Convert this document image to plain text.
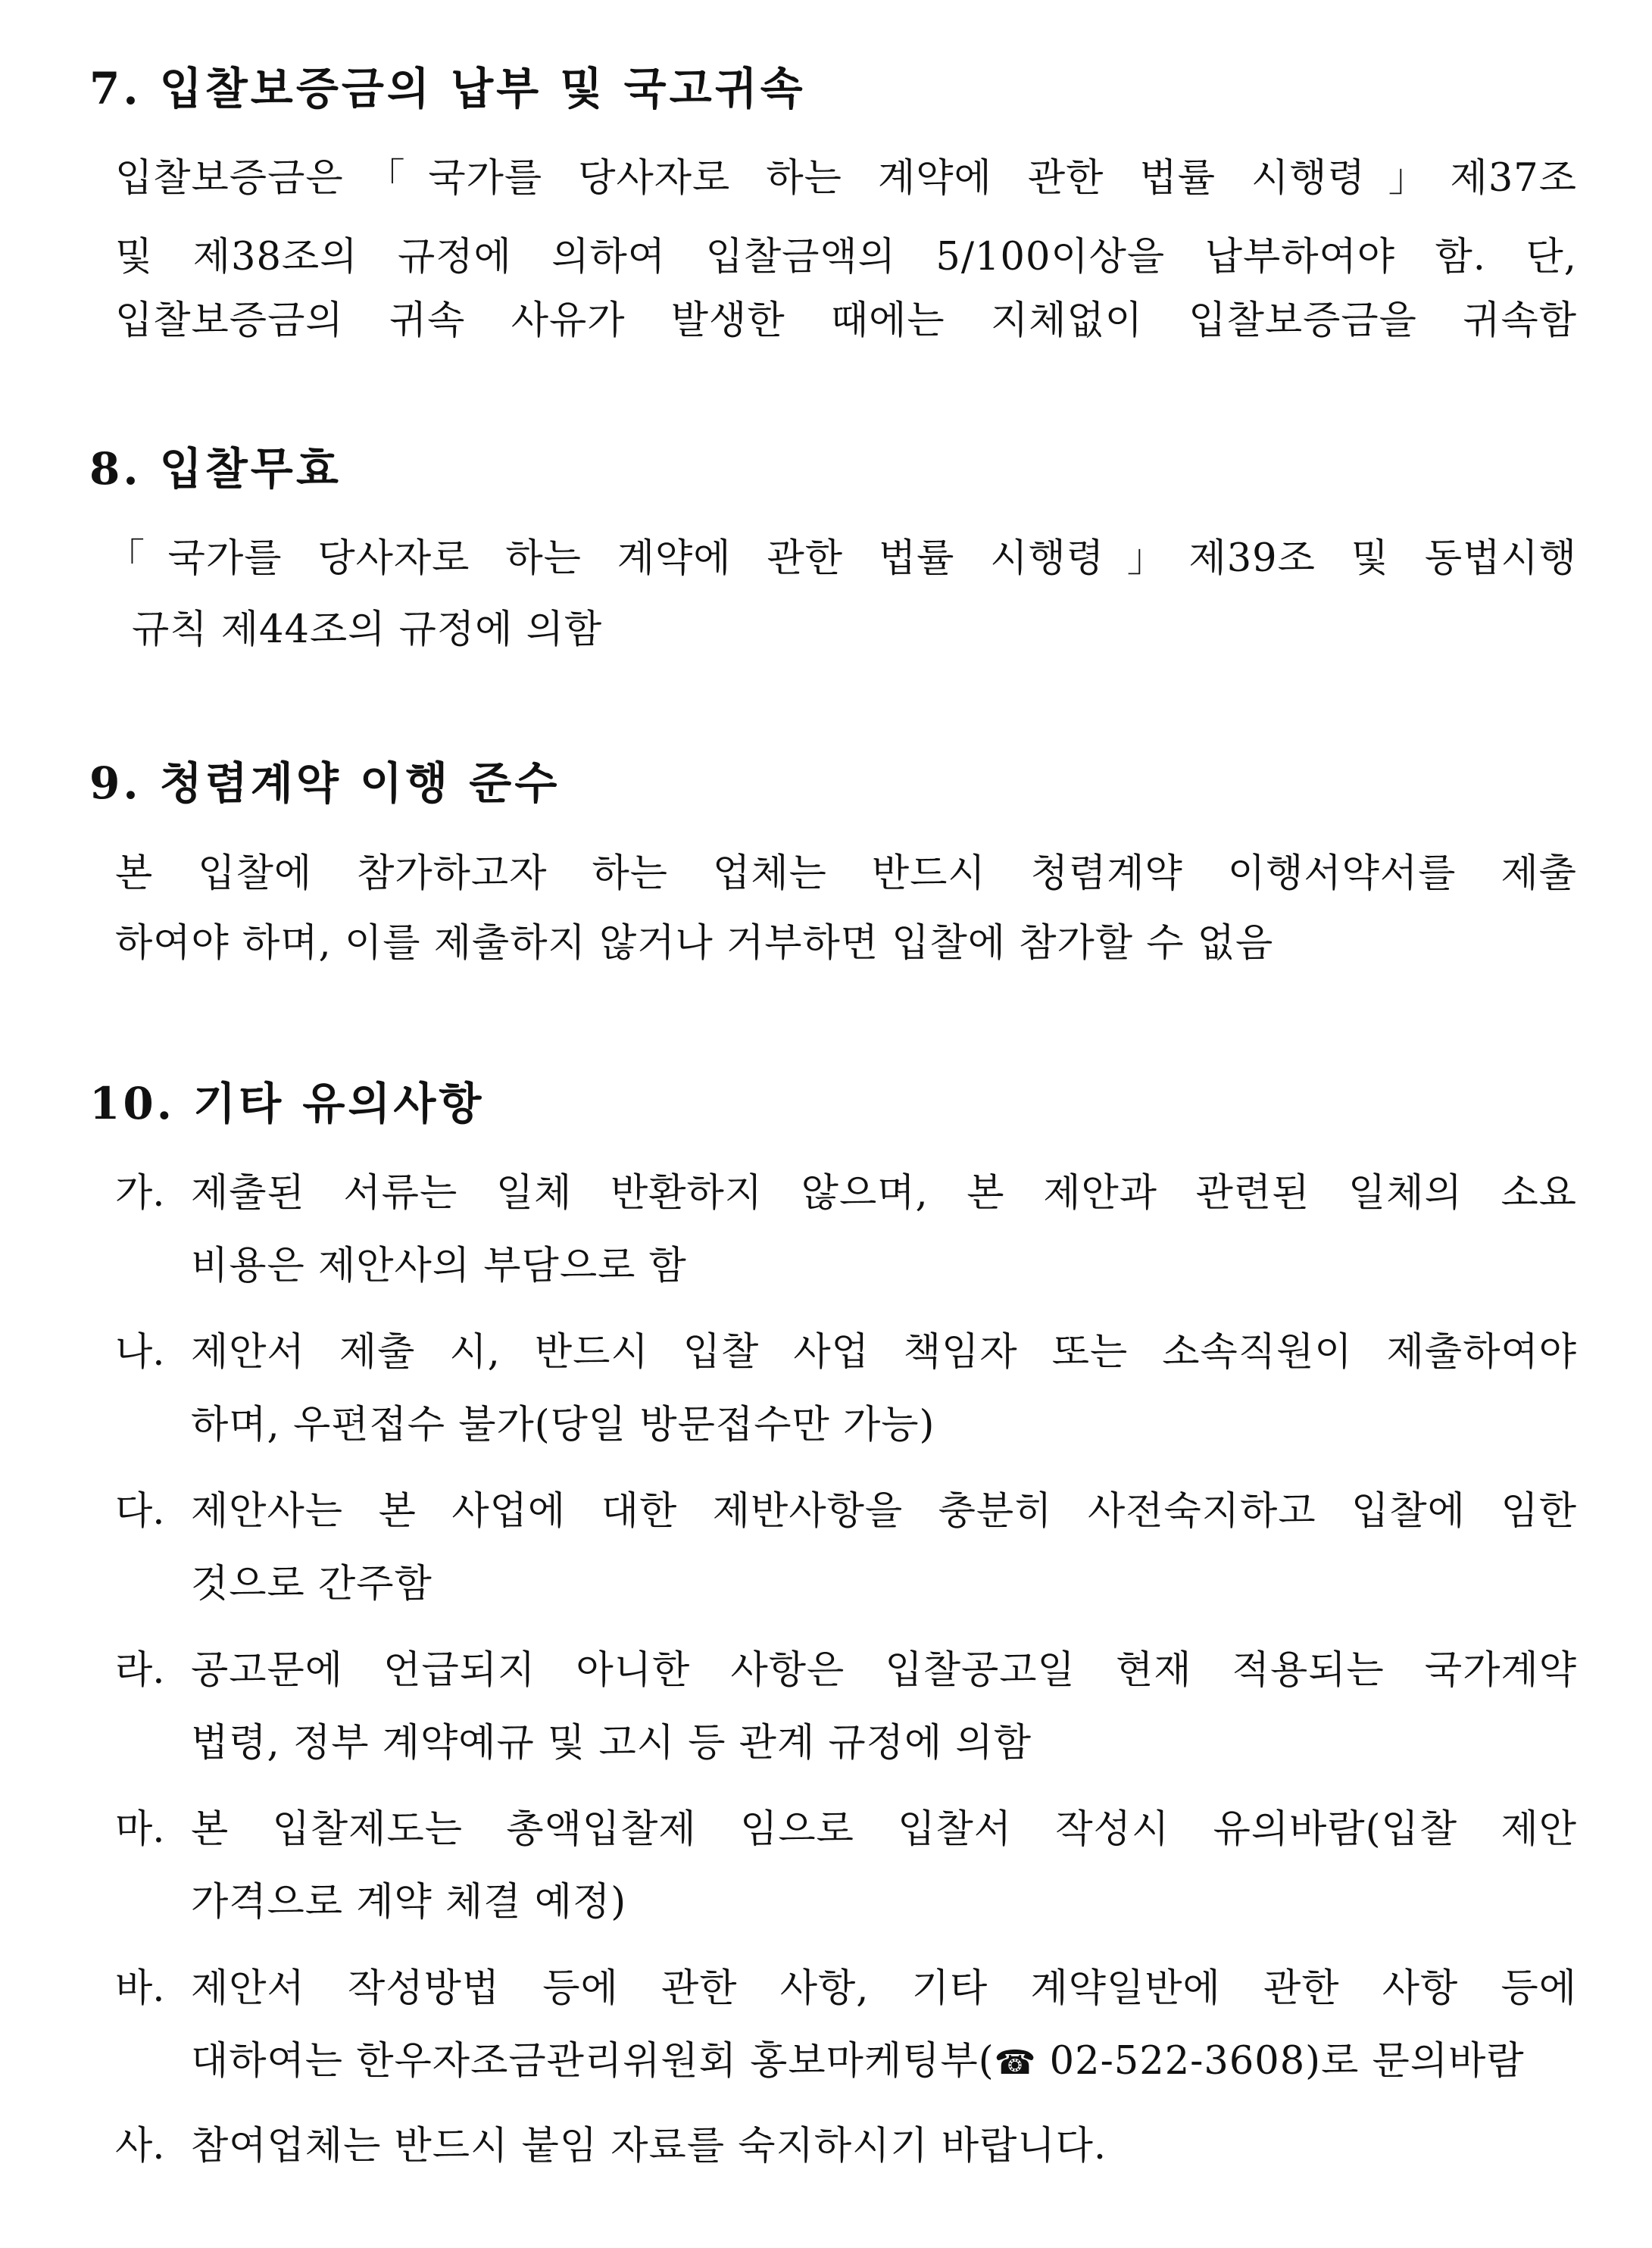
7. 입찰보증금의 납부 및 국고귀속
입찰보증금은「국가를 당사자로 하는 계약에 관한 법률 시행령」제37조
및 제38조의 규정에 의하여 입찰금액의 5/100이상을 납부하여야 함. 단,
입찰보증금의 귀속 사유가 발생한 때에는 지체없이 입찰보증금을 귀속함
8. 입찰무효
「국가를 당사자로 하는 계약에 관한 법률 시행령」제39조 및 동법시행
규칙 제44조의 규정에 의함
9. 청렴계약 이행 준수
본 입찰에 참가하고자 하는 업체는 반드시 청렴계약 이행서약서를 제출
하여야 하며, 이를 제출하지 않거나 거부하면 입찰에 참가할 수 없음
10. 기타 유의사항
가. 제출된 서류는 일체 반환하지 않으며, 본 제안과 관련된 일체의 소요
비용은 제안사의 부담으로 함
나. 제안서 제출 시, 반드시 입찰 사업 책임자 또는 소속직원이 제출하여야
하며, 우편접수 불가(당일 방문접수만 가능)
다. 제안사는 본 사업에 대한 제반사항을 충분히 사전숙지하고 입찰에 임한
것으로 간주함
라. 공고문에 언급되지 아니한 사항은 입찰공고일 현재 적용되는 국가계약
법령, 정부 계약예규 및 고시 등 관계 규정에 의함
마. 본 입찰제도는 총액입찰제 임으로 입찰서 작성시 유의바람(입찰 제안
가격으로 계약 체결 예정)
바. 제안서 작성방법 등에 관한 사항, 기타 계약일반에 관한 사항 등에
대하여는 한우자조금관리위원회 홍보마케팅부(☎ 02-522-3608)로 문의바람
사. 참여업체는 반드시 붙임 자료를 숙지하시기 바랍니다.
